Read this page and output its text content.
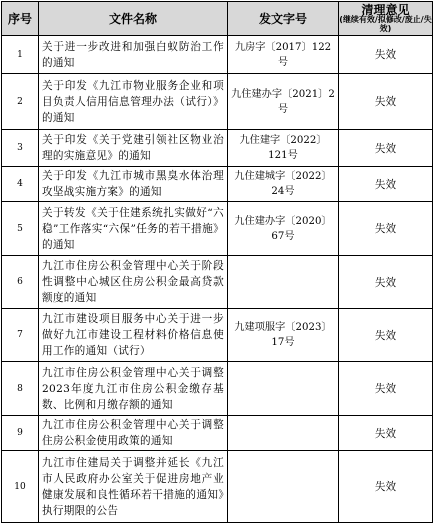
序号	文件名称	发文字号	清理意见
(继续有效/拟修改/废止/失效)

1	关于进一步改进和加强白蚁防治工作的通知	九房字〔2017〕122号	失效
2	关于印发《九江市物业服务企业和项目负责人信用信息管理办法（试行）》的通知	九住建办字〔2021〕2号	失效
3	关于印发《关于党建引领社区物业治理的实施意见》的通知	九住建字〔2022〕121号	失效
4	关于印发《九江市城市黑臭水体治理攻坚战实施方案》的通知	九住建城字〔2022〕24号	失效
5	关于转发《关于住建系统扎实做好“六稳”工作落实“六保”任务的若干措施》的通知	九住建办字〔2020〕67号	失效
6	九江市住房公积金管理中心关于阶段性调整中心城区住房公积金最高贷款额度的通知		失效
7	九江市建设项目服务中心关于进一步做好九江市建设工程材料价格信息使用工作的通知（试行）	九建项服字〔2023〕17号	失效
8	九江市住房公积金管理中心关于调整2023年度九江市住房公积金缴存基数、比例和月缴存额的通知		失效
9	九江市住房公积金管理中心关于调整住房公积金使用政策的通知		失效
10	九江市住建局关于调整并延长《九江市人民政府办公室关于促进房地产业健康发展和良性循环若干措施的通知》执行期限的公告		失效
